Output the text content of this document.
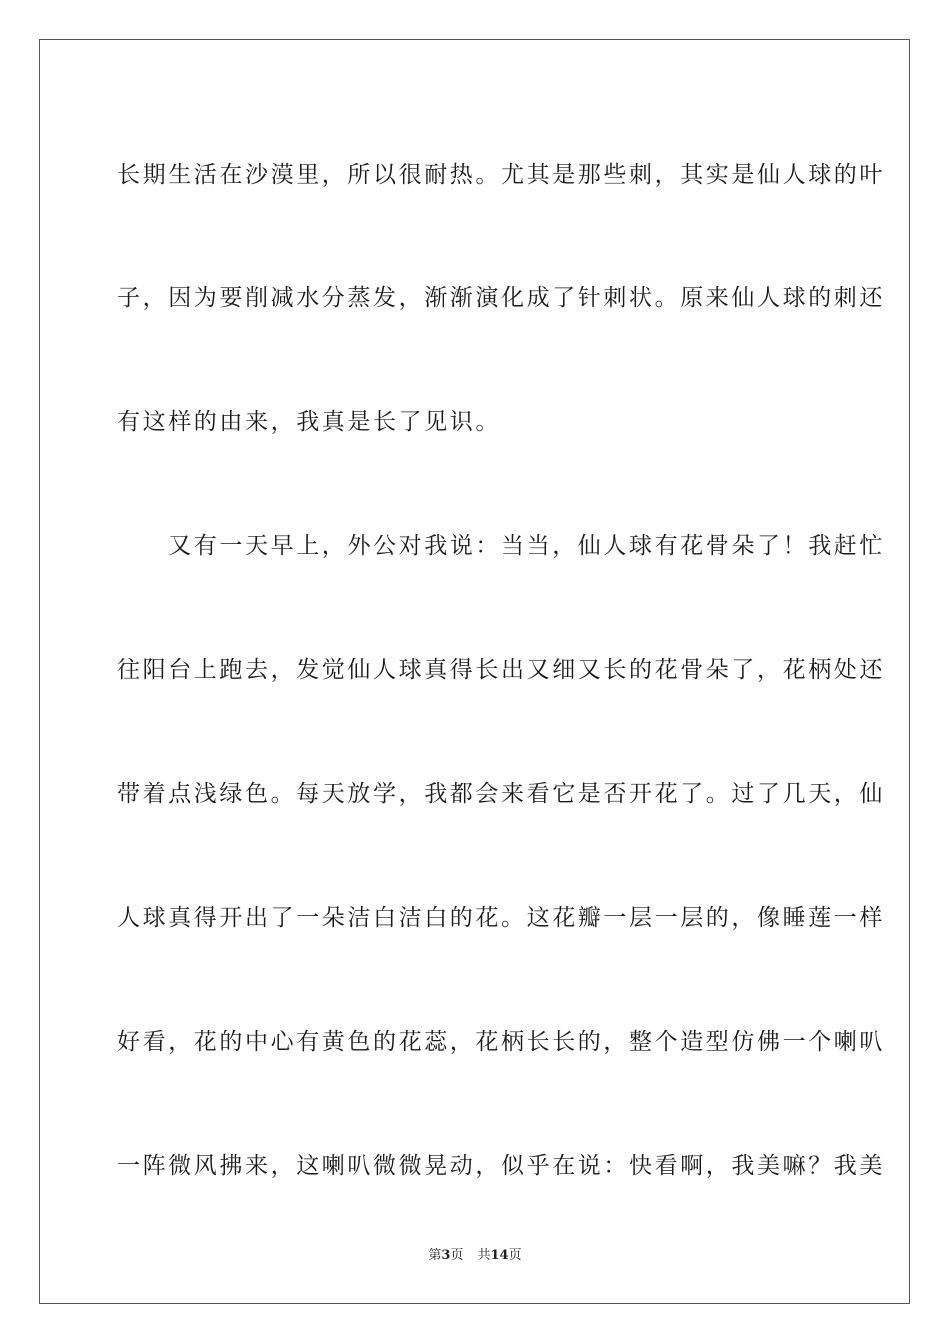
长期生活在沙漠里，所以很耐热。尤其是那些刺，其实是仙人球的叶

子，因为要削减水分蒸发，渐渐演化成了针刺状。原来仙人球的刺还

有这样的由来，我真是长了见识。

　　又有一天早上，外公对我说：当当，仙人球有花骨朵了！我赶忙

往阳台上跑去，发觉仙人球真得长出又细又长的花骨朵了，花柄处还

带着点浅绿色。每天放学，我都会来看它是否开花了。过了几天，仙

人球真得开出了一朵洁白洁白的花。这花瓣一层一层的，像睡莲一样

好看，花的中心有黄色的花蕊，花柄长长的，整个造型仿佛一个喇叭

一阵微风拂来，这喇叭微微晃动，似乎在说：快看啊，我美嘛？我美

第3页 共14页
